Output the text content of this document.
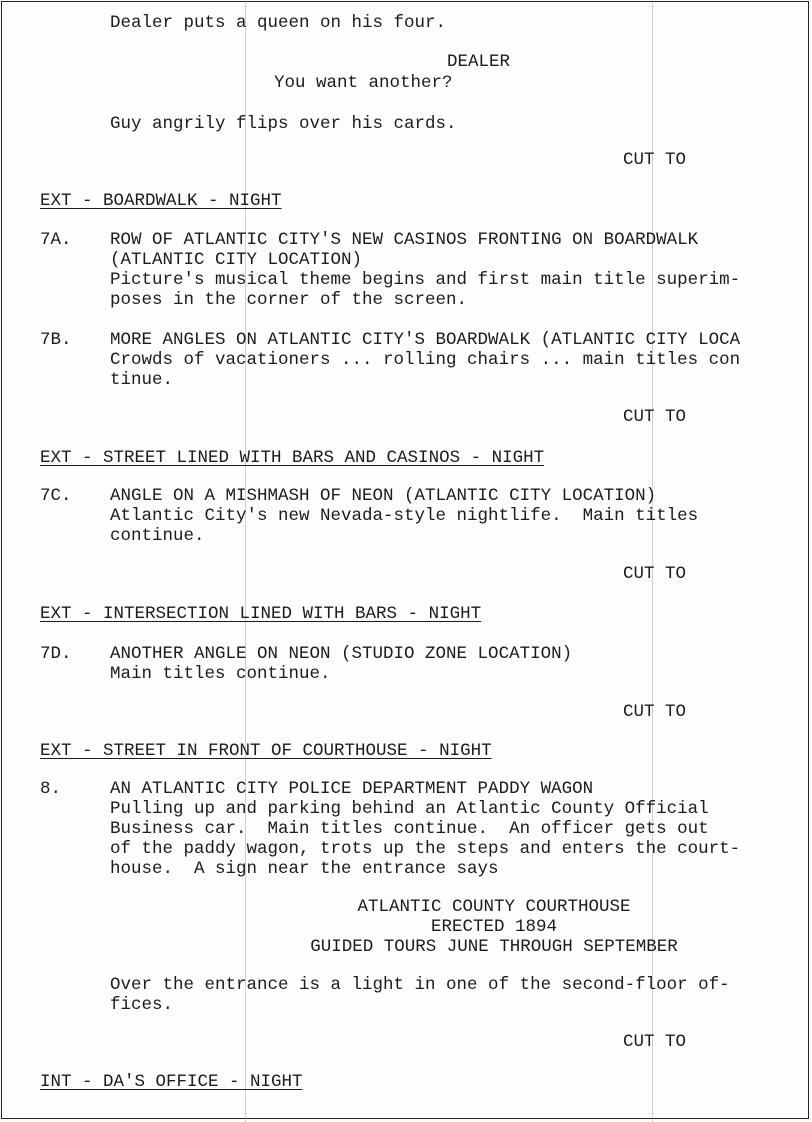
Dealer puts a queen on his four.
DEALER
You want another?
Guy angrily flips over his cards.
CUT TO
EXT - BOARDWALK - NIGHT
7A. ROW OF ATLANTIC CITY'S NEW CASINOS FRONTING ON BOARDWALK
(ATLANTIC CITY LOCATION)
Picture's musical theme begins and first main title superim-
poses in the corner of the screen.
7B. MORE ANGLES ON ATLANTIC CITY'S BOARDWALK (ATLANTIC CITY LOCA
Crowds of vacationers ... rolling chairs ... main titles con
tinue.
CUT TO
EXT - STREET LINED WITH BARS AND CASINOS - NIGHT
7C. ANGLE ON A MISHMASH OF NEON (ATLANTIC CITY LOCATION)
Atlantic City's new Nevada-style nightlife.  Main titles
continue.
CUT TO
EXT - INTERSECTION LINED WITH BARS - NIGHT
7D. ANOTHER ANGLE ON NEON (STUDIO ZONE LOCATION)
Main titles continue.
CUT TO
EXT - STREET IN FRONT OF COURTHOUSE - NIGHT
8.	AN ATLANTIC CITY POLICE DEPARTMENT PADDY WAGON
Pulling up and parking behind an Atlantic County Official
Business car.  Main titles continue.  An officer gets out
of the paddy wagon, trots up the steps and enters the court-
house.  A sign near the entrance says
ATLANTIC COUNTY COURTHOUSE
ERECTED 1894
GUIDED TOURS JUNE THROUGH SEPTEMBER
Over the entrance is a light in one of the second-floor of-
fices.
CUT TO
INT - DA'S OFFICE - NIGHT
